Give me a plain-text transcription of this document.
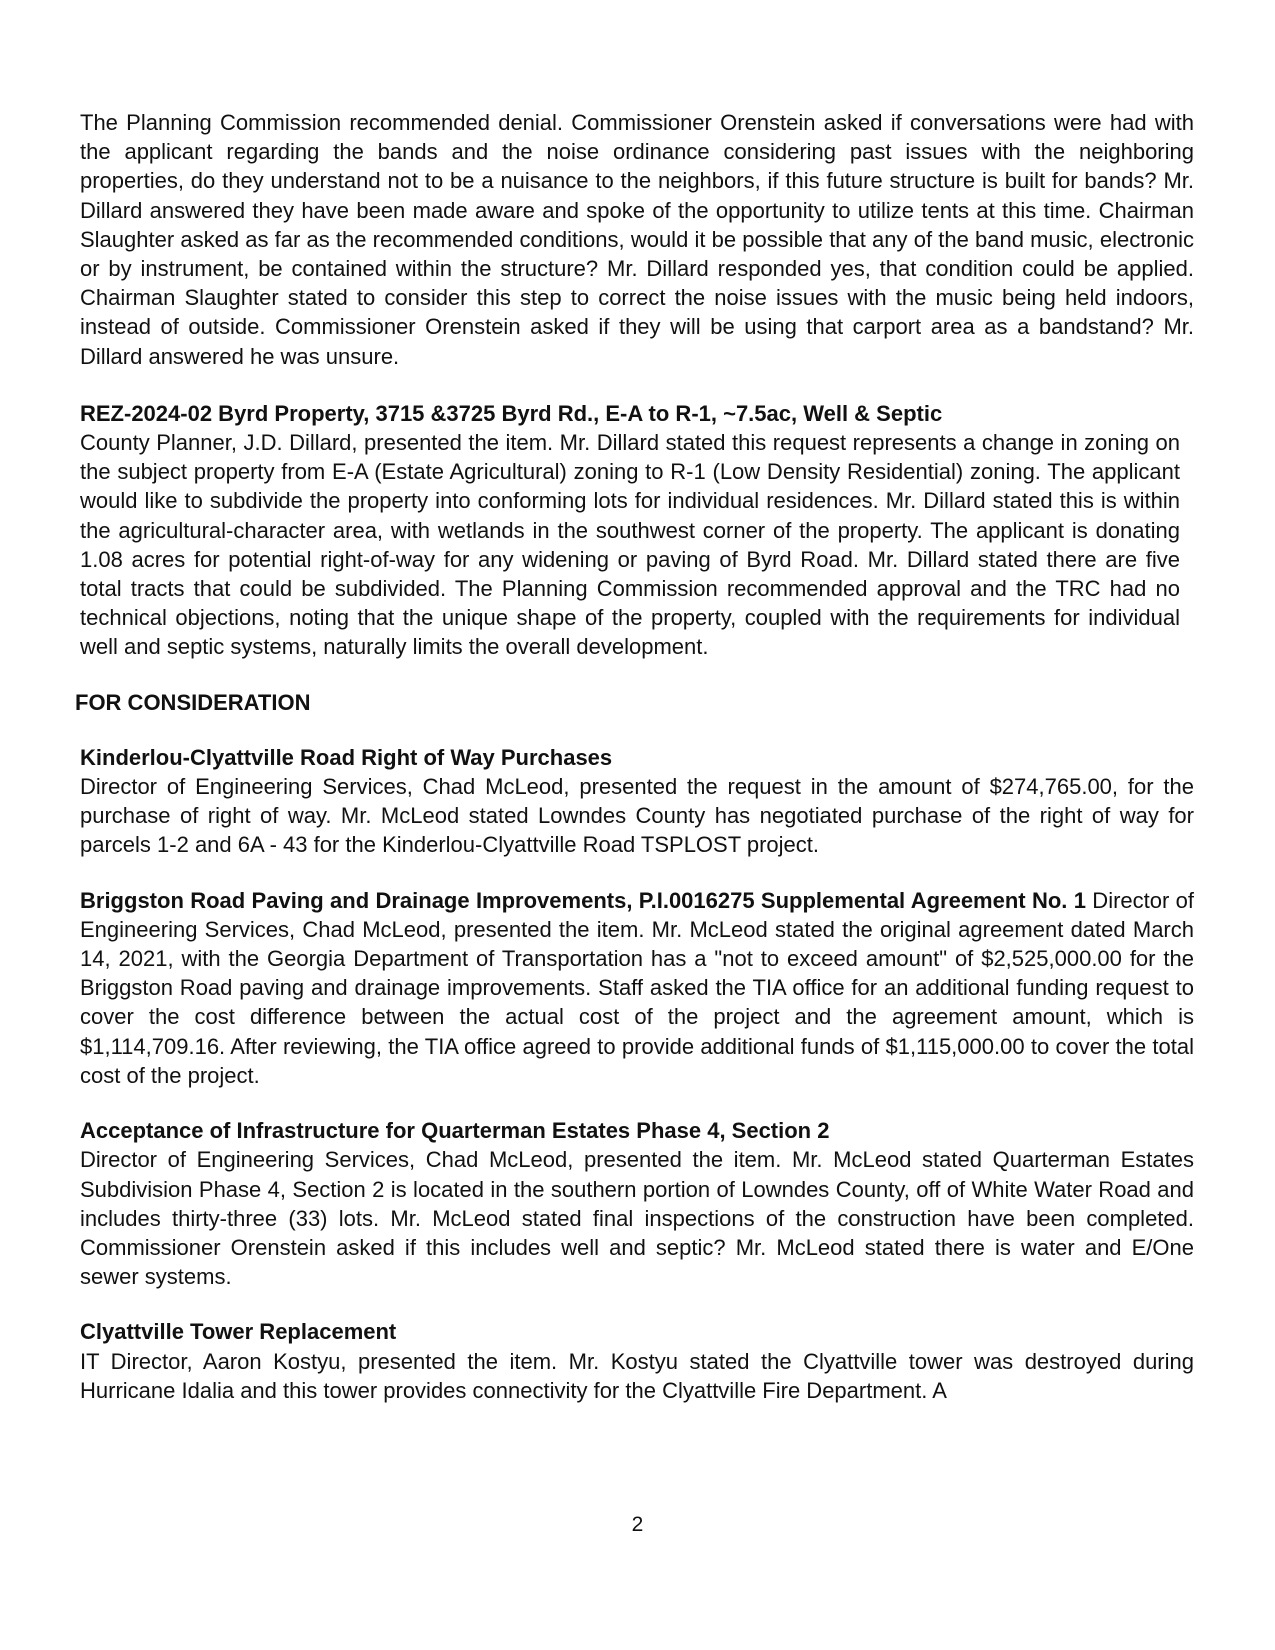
The Planning Commission recommended denial. Commissioner Orenstein asked if conversations were had with the applicant regarding the bands and the noise ordinance considering past issues with the neighboring properties, do they understand not to be a nuisance to the neighbors, if this future structure is built for bands? Mr. Dillard answered they have been made aware and spoke of the opportunity to utilize tents at this time. Chairman Slaughter asked as far as the recommended conditions, would it be possible that any of the band music, electronic or by instrument, be contained within the structure? Mr. Dillard responded yes, that condition could be applied. Chairman Slaughter stated to consider this step to correct the noise issues with the music being held indoors, instead of outside. Commissioner Orenstein asked if they will be using that carport area as a bandstand? Mr. Dillard answered he was unsure.

REZ-2024-02 Byrd Property, 3715 &3725 Byrd Rd., E-A to R-1, ~7.5ac, Well & Septic

County Planner, J.D. Dillard, presented the item. Mr. Dillard stated this request represents a change in zoning on the subject property from E-A (Estate Agricultural) zoning to R-1 (Low Density Residential) zoning. The applicant would like to subdivide the property into conforming lots for individual residences. Mr. Dillard stated this is within the agricultural-character area, with wetlands in the southwest corner of the property. The applicant is donating 1.08 acres for potential right-of-way for any widening or paving of Byrd Road. Mr. Dillard stated there are five total tracts that could be subdivided. The Planning Commission recommended approval and the TRC had no technical objections, noting that the unique shape of the property, coupled with the requirements for individual well and septic systems, naturally limits the overall development.

FOR CONSIDERATION

Kinderlou-Clyattville Road Right of Way Purchases

Director of Engineering Services, Chad McLeod, presented the request in the amount of $274,765.00, for the purchase of right of way. Mr. McLeod stated Lowndes County has negotiated purchase of the right of way for parcels 1-2 and 6A - 43 for the Kinderlou-Clyattville Road TSPLOST project.

Briggston Road Paving and Drainage Improvements, P.I.0016275 Supplemental Agreement No. 1 Director of Engineering Services, Chad McLeod, presented the item. Mr. McLeod stated the original agreement dated March 14, 2021, with the Georgia Department of Transportation has a "not to exceed amount" of $2,525,000.00 for the Briggston Road paving and drainage improvements. Staff asked the TIA office for an additional funding request to cover the cost difference between the actual cost of the project and the agreement amount, which is $1,114,709.16. After reviewing, the TIA office agreed to provide additional funds of $1,115,000.00 to cover the total cost of the project.

Acceptance of Infrastructure for Quarterman Estates Phase 4, Section 2

Director of Engineering Services, Chad McLeod, presented the item. Mr. McLeod stated Quarterman Estates Subdivision Phase 4, Section 2 is located in the southern portion of Lowndes County, off of White Water Road and includes thirty-three (33) lots. Mr. McLeod stated final inspections of the construction have been completed. Commissioner Orenstein asked if this includes well and septic? Mr. McLeod stated there is water and E/One sewer systems.

Clyattville Tower Replacement

IT Director, Aaron Kostyu, presented the item. Mr. Kostyu stated the Clyattville tower was destroyed during Hurricane Idalia and this tower provides connectivity for the Clyattville Fire Department. A

2
